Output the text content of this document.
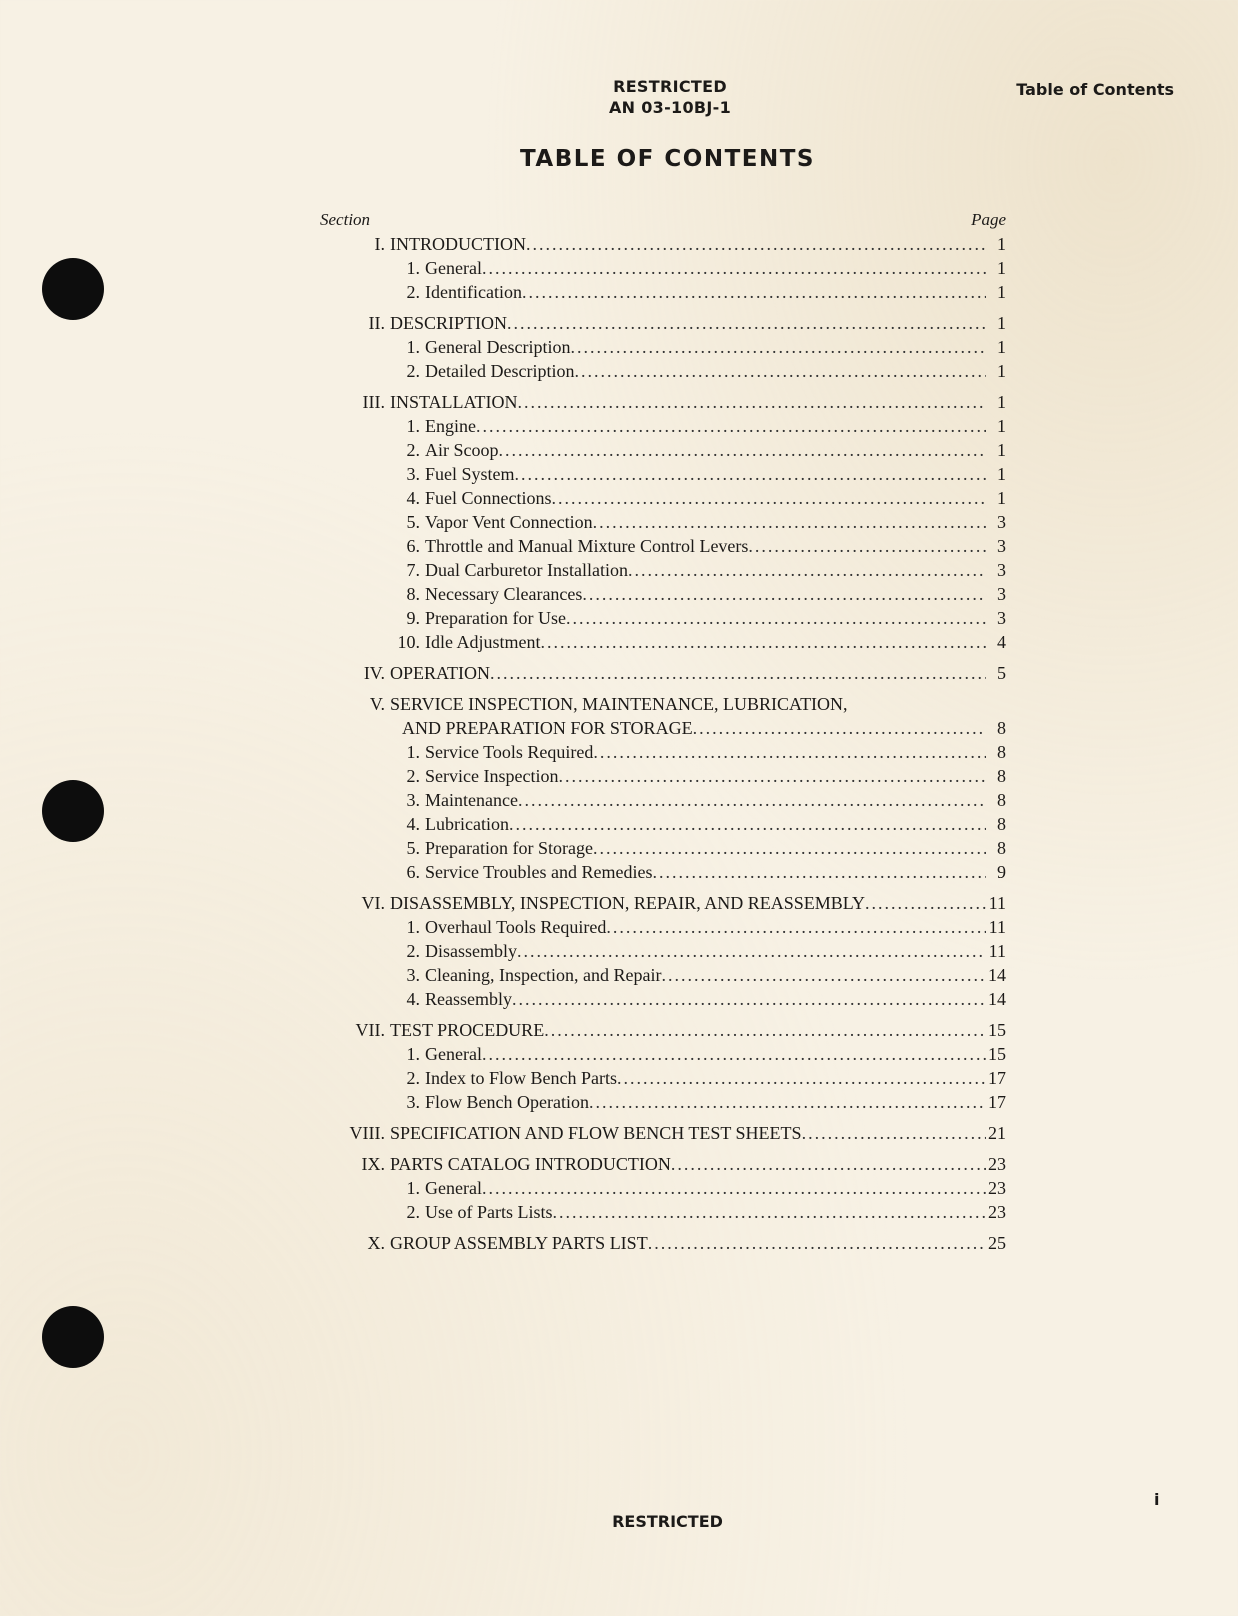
RESTRICTED
AN 03-10BJ-1
Table of Contents
TABLE OF CONTENTS
Section	Page
I. INTRODUCTION .....	1
1. General .....	1
2. Identification .....	1
II. DESCRIPTION .....	1
1. General Description .....	1
2. Detailed Description .....	1
III. INSTALLATION .....	1
1. Engine .....	1
2. Air Scoop .....	1
3. Fuel System .....	1
4. Fuel Connections .....	1
5. Vapor Vent Connection .....	3
6. Throttle and Manual Mixture Control Levers .....	3
7. Dual Carburetor Installation .....	3
8. Necessary Clearances .....	3
9. Preparation for Use .....	3
10. Idle Adjustment .....	4
IV. OPERATION .....	5
V. SERVICE INSPECTION, MAINTENANCE, LUBRICATION,
AND PREPARATION FOR STORAGE .....	8
1. Service Tools Required .....	8
2. Service Inspection .....	8
3. Maintenance .....	8
4. Lubrication .....	8
5. Preparation for Storage .....	8
6. Service Troubles and Remedies .....	9
VI. DISASSEMBLY, INSPECTION, REPAIR, AND REASSEMBLY .....	11
1. Overhaul Tools Required .....	11
2. Disassembly .....	11
3. Cleaning, Inspection, and Repair .....	14
4. Reassembly .....	14
VII. TEST PROCEDURE .....	15
1. General .....	15
2. Index to Flow Bench Parts .....	17
3. Flow Bench Operation .....	17
VIII. SPECIFICATION AND FLOW BENCH TEST SHEETS .....	21
IX. PARTS CATALOG INTRODUCTION .....	23
1. General .....	23
2. Use of Parts Lists .....	23
X. GROUP ASSEMBLY PARTS LIST .....	25
i
RESTRICTED
